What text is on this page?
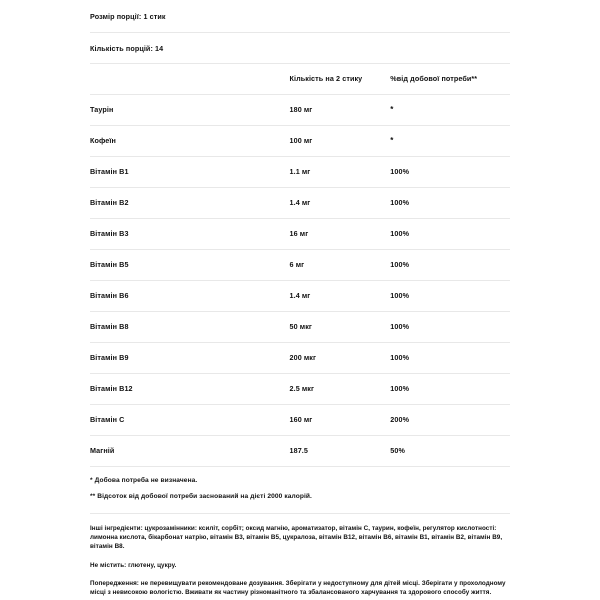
Розмір порції: 1 стик
Кількість порцій: 14
	Кількість на 2 стику	%від добової потреби**
Таурін	180 мг	*
Кофеїн	100 мг	*
Вітамін В1	1.1 мг	100%
Вітамін В2	1.4 мг	100%
Вітамін В3	16 мг	100%
Вітамін В5	6 мг	100%
Вітамін В6	1.4 мг	100%
Вітамін В8	50 мкг	100%
Вітамін В9	200 мкг	100%
Вітамін В12	2.5 мкг	100%
Вітамін С	160 мг	200%
Магній	187.5	50%
* Добова потреба не визначена.
** Відсоток від добової потреби заснований на дієті 2000 калорій.

Інші інгредієнти: цукрозамінники: ксиліт, сорбіт; оксид магнію, ароматизатор, вітамін С, таурин, кофеїн, регулятор кислотності: лимонна кислота, бікарбонат натрію, вітамін В3, вітамін В5, цукралоза, вітамін В12, вітамін В6, вітамін В1, вітамін В2, вітамін В9, вітамін В8.

Не містить: глютену, цукру.

Попередження: не перевищувати рекомендоване дозування. Зберігати у недоступному для дітей місці. Зберігати у прохолодному місці з невисокою вологістю. Вживати як частину різноманітного та збалансованого харчування та здорового способу життя.
